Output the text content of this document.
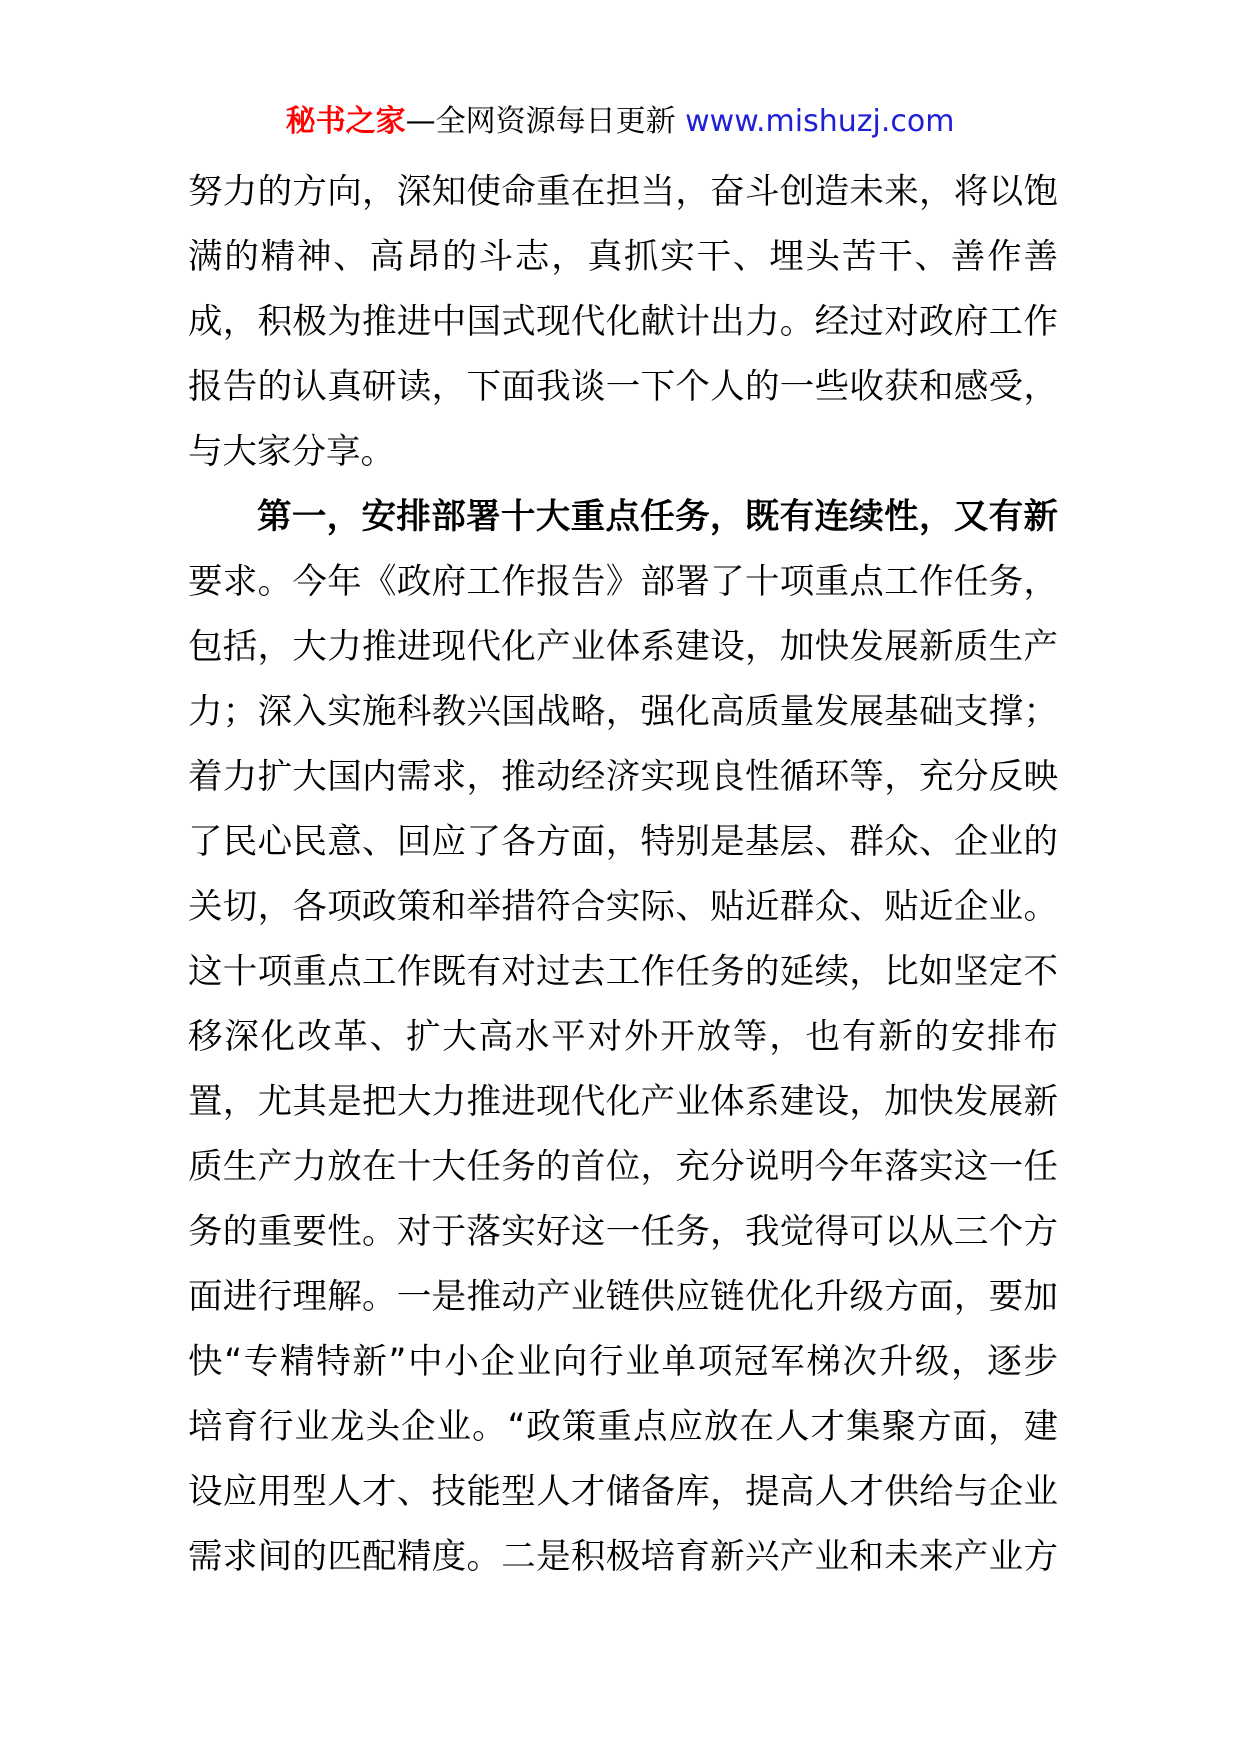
秘书之家—全网资源每日更新 www.mishuzj.com
努力的方向，深知使命重在担当，奋斗创造未来，将以饱
满的精神、高昂的斗志，真抓实干、埋头苦干、善作善
成，积极为推进中国式现代化献计出力。经过对政府工作
报告的认真研读，下面我谈一下个人的一些收获和感受，
与大家分享。
第一，安排部署十大重点任务，既有连续性，又有新
要求。今年《政府工作报告》部署了十项重点工作任务，
包括，大力推进现代化产业体系建设，加快发展新质生产
力；深入实施科教兴国战略，强化高质量发展基础支撑；
着力扩大国内需求，推动经济实现良性循环等，充分反映
了民心民意、回应了各方面，特别是基层、群众、企业的
关切，各项政策和举措符合实际、贴近群众、贴近企业。
这十项重点工作既有对过去工作任务的延续，比如坚定不
移深化改革、扩大高水平对外开放等，也有新的安排布
置，尤其是把大力推进现代化产业体系建设，加快发展新
质生产力放在十大任务的首位，充分说明今年落实这一任
务的重要性。对于落实好这一任务，我觉得可以从三个方
面进行理解。一是推动产业链供应链优化升级方面，要加
快“专精特新”中小企业向行业单项冠军梯次升级，逐步
培育行业龙头企业。“政策重点应放在人才集聚方面，建
设应用型人才、技能型人才储备库，提高人才供给与企业
需求间的匹配精度。二是积极培育新兴产业和未来产业方
